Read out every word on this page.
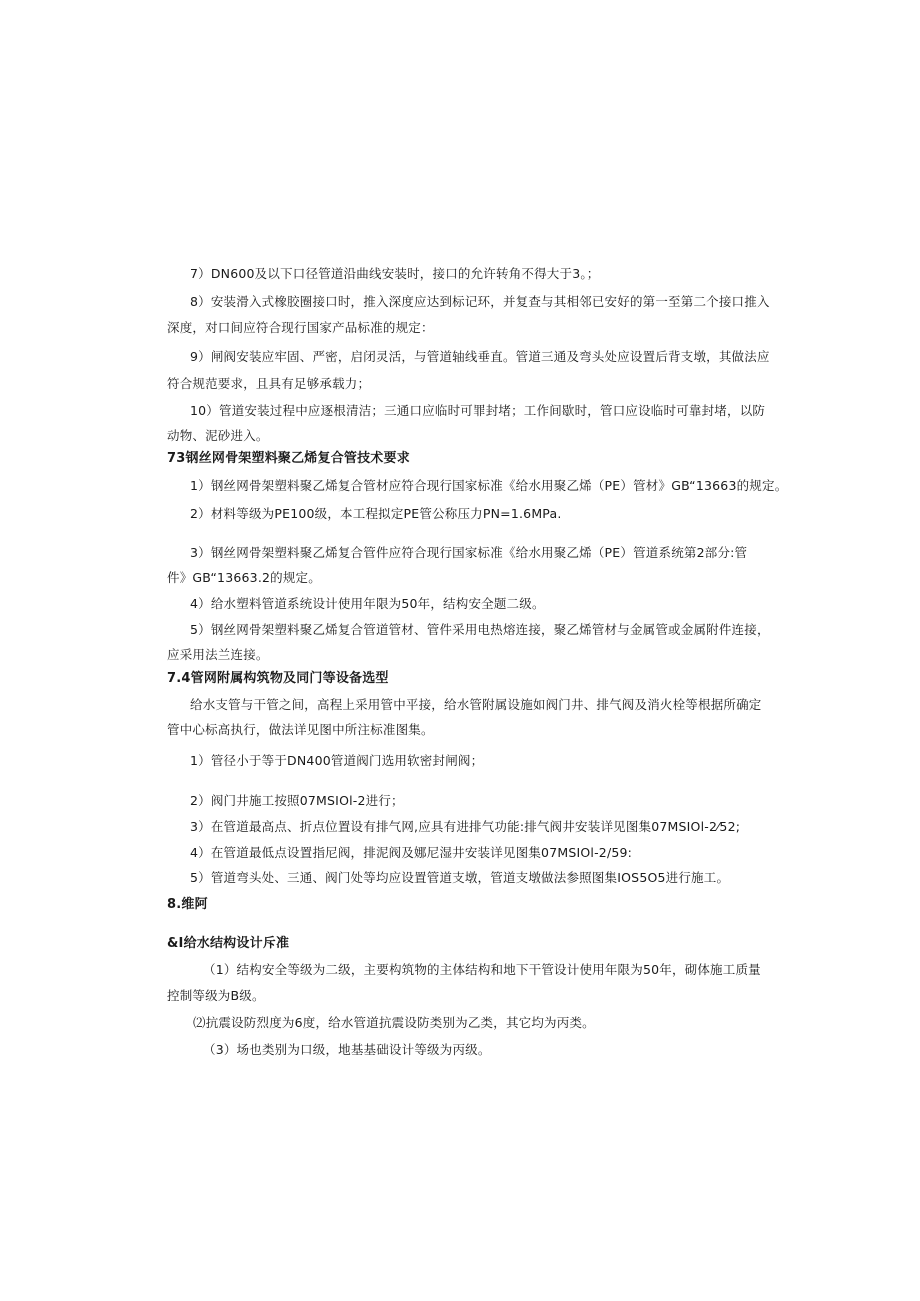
7）DN600及以下口径管道沿曲线安装时，接口的允许转角不得大于3。；
8）安装滑入式橡胶圈接口时，推入深度应达到标记环，并复查与其相邻已安好的第一至第二个接口推入
深度，对口间应符合现行国家产品标准的规定：
9）闸阀安装应牢固、严密，启闭灵活，与管道轴线垂直。管道三通及弯头处应设置后背支墩，其做法应
符合规范要求，且具有足够承载力；
10）管道安装过程中应逐根清洁；三通口应临时可罪封堵；工作间歇时，管口应设临时可靠封堵，以防
动物、泥砂进入。
73钢丝网骨架塑料聚乙烯复合管技术要求
1）钢丝网骨架塑料聚乙烯复合管材应符合现行国家标准《给水用聚乙烯（PE）管材》GB“13663的规定。
2）材料等级为PE100级，本工程拟定PE管公称压力PN=1.6MPa.
3）钢丝网骨架塑料聚乙烯复合管件应符合现行国家标准《给水用聚乙烯（PE）管道系统第2部分:管
件》GB“13663.2的规定。
4）给水塑料管道系统设计使用年限为50年，结构安全题二级。
5）钢丝网骨架塑料聚乙烯复合管道管材、管件采用电热熔连接，聚乙烯管材与金属管或金属附件连接，
应采用法兰连接。
7.4管网附属构筑物及同门等设备选型
给水支管与干管之间，高程上采用管中平接，给水管附属设施如阀门井、排气阀及消火栓等根据所确定
管中心标高执行，做法详见图中所注标准图集。
1）管径小于等于DN400管道阀门选用软密封闸阀；
2）阀门井施工按照07MSIOl-2进行；
3）在管道最高点、折点位置设有排气网,应具有进排气功能:排气阀井安装详见图集07MSIOl-2⁄52;
4）在管道最低点设置指尼阀，排泥阀及娜尼湿井安装详见图集07MSIOl-2/59:
5）管道弯头处、三通、阀门处等均应设置管道支墩，管道支墩做法参照图集IOS5O5进行施工。
8.维阿
&I给水结构设计斥准
（1）结构安全等级为二级，主要构筑物的主体结构和地下干管设计使用年限为50年，砌体施工质量
控制等级为B级。
⑵抗震设防烈度为6度，给水管道抗震设防类别为乙类，其它均为丙类。
（3）场也类别为口级，地基基础设计等级为丙级。
